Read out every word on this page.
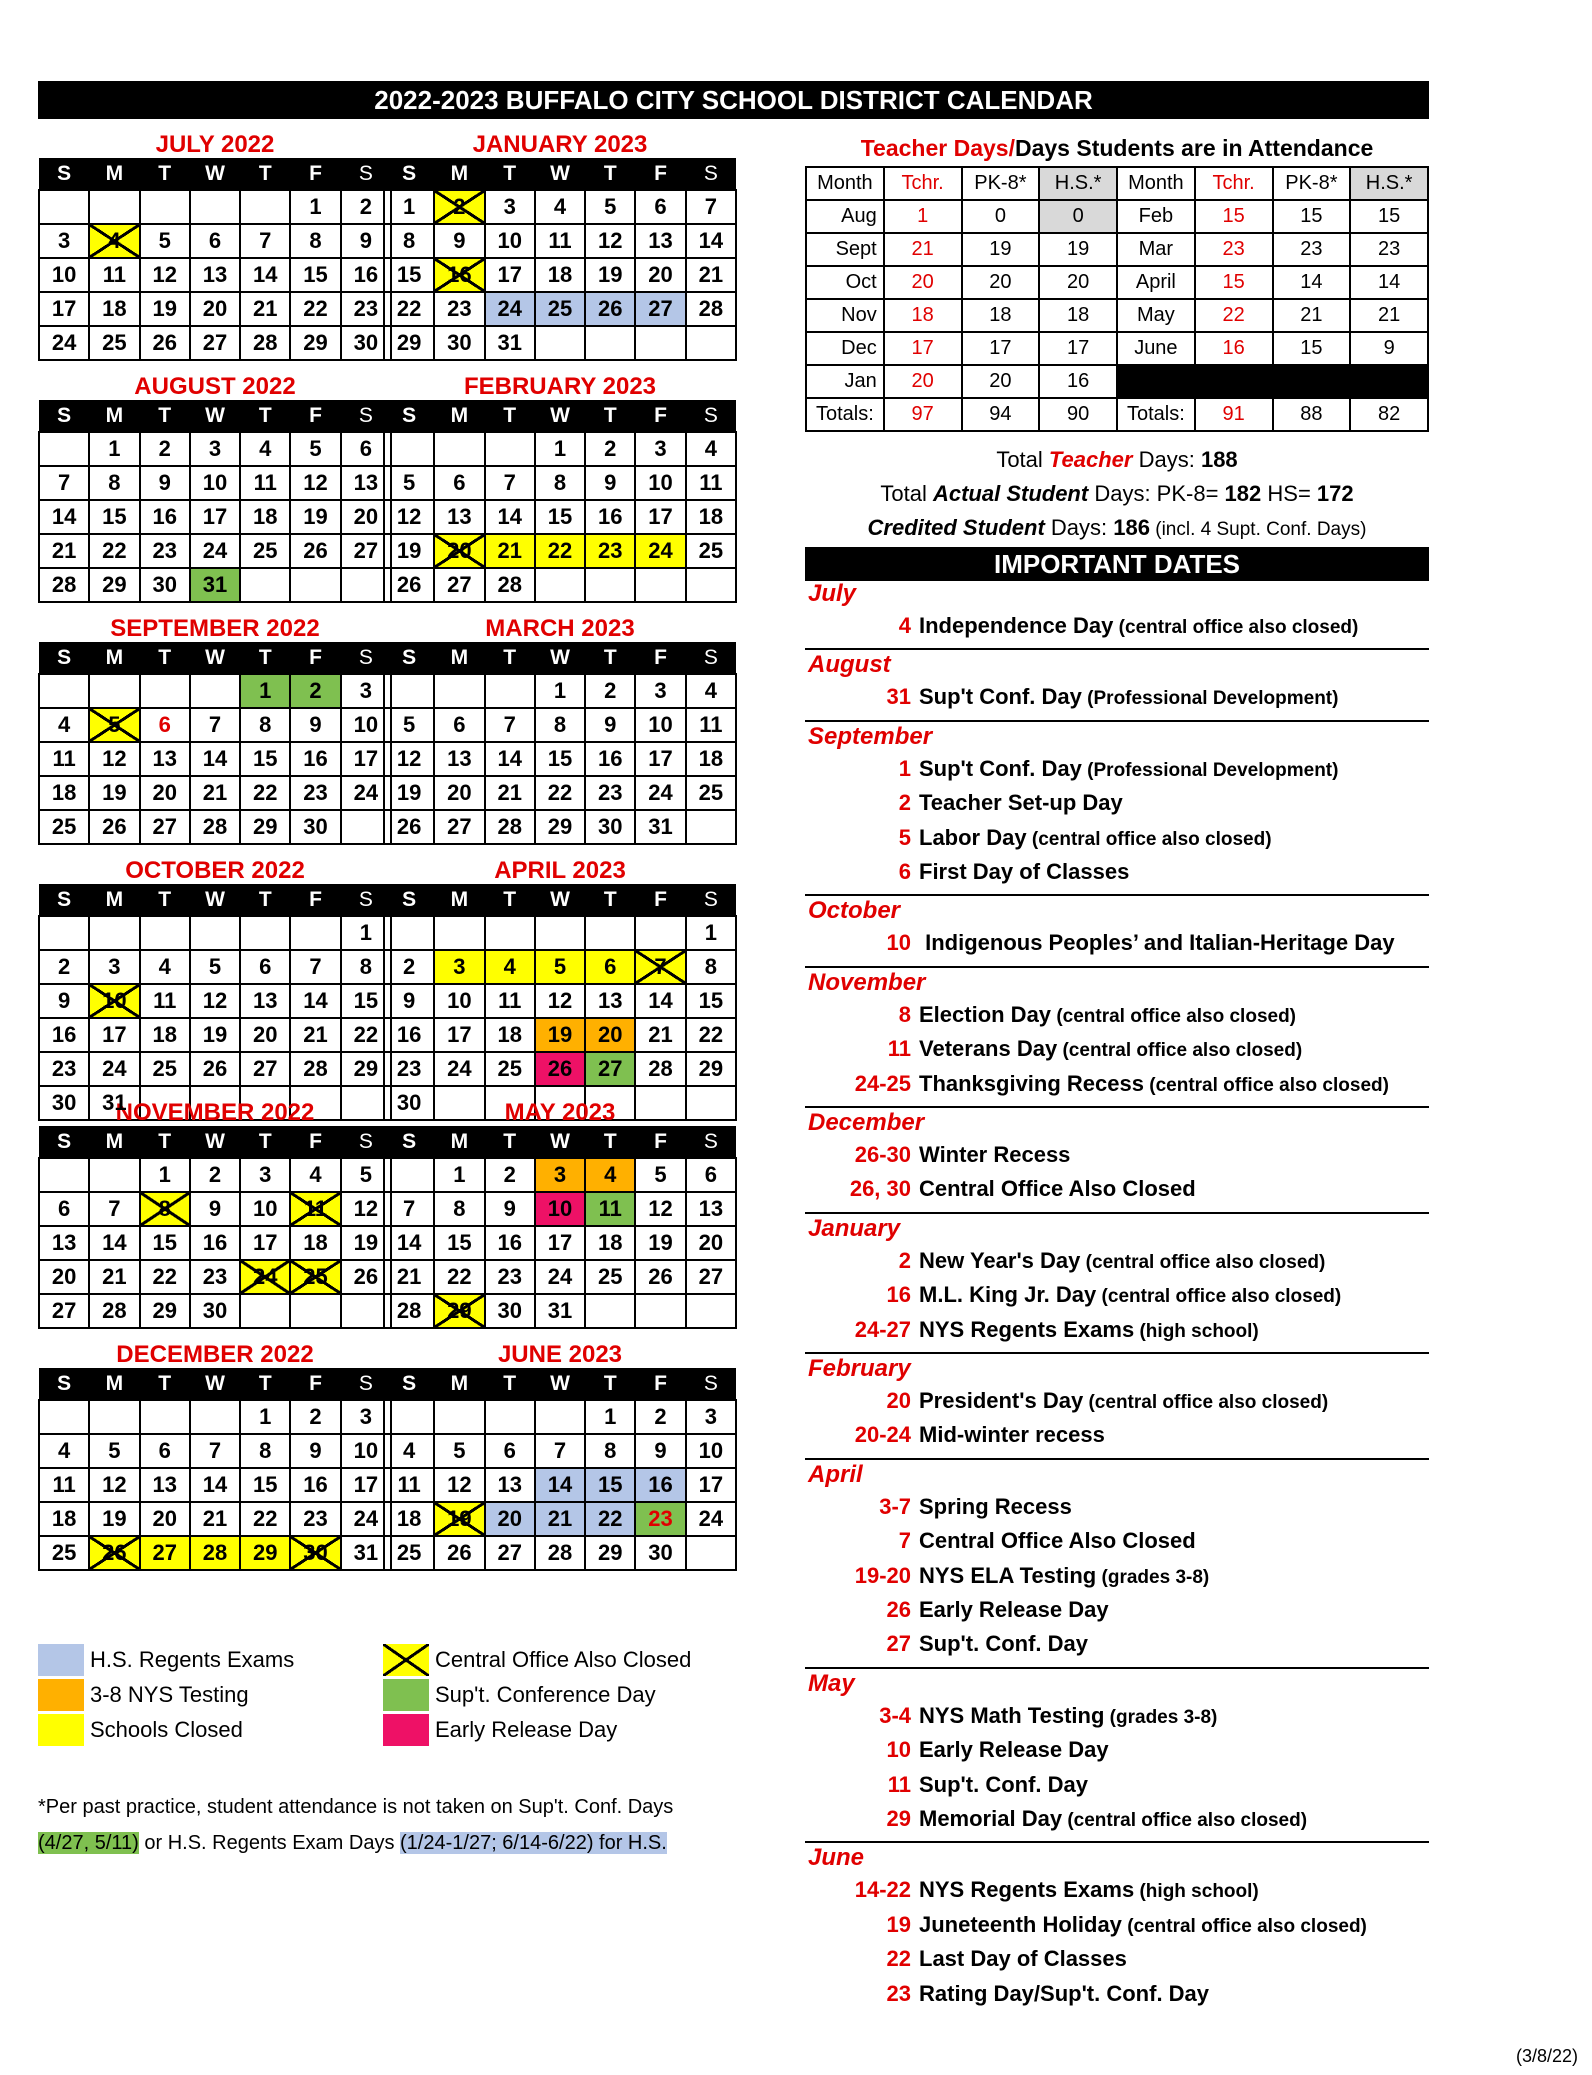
2022-2023 BUFFALO CITY SCHOOL DISTRICT CALENDAR
JULY 2022
S	M	T	W	T	F	S
					1	2
3	4	5	6	7	8	9
10	11	12	13	14	15	16
17	18	19	20	21	22	23
24	25	26	27	28	29	30
AUGUST 2022
S	M	T	W	T	F	S
	1	2	3	4	5	6
7	8	9	10	11	12	13
14	15	16	17	18	19	20
21	22	23	24	25	26	27
28	29	30	31			
SEPTEMBER 2022
S	M	T	W	T	F	S
				1	2	3
4	5	6	7	8	9	10
11	12	13	14	15	16	17
18	19	20	21	22	23	24
25	26	27	28	29	30	
OCTOBER 2022
S	M	T	W	T	F	S
						1
2	3	4	5	6	7	8
9	10	11	12	13	14	15
16	17	18	19	20	21	22
23	24	25	26	27	28	29
30	31					
NOVEMBER 2022
S	M	T	W	T	F	S
		1	2	3	4	5
6	7	8	9	10	11	12
13	14	15	16	17	18	19
20	21	22	23	24	25	26
27	28	29	30			
DECEMBER 2022
S	M	T	W	T	F	S
				1	2	3
4	5	6	7	8	9	10
11	12	13	14	15	16	17
18	19	20	21	22	23	24
25	26	27	28	29	30	31
JANUARY 2023
S	M	T	W	T	F	S
1	2	3	4	5	6	7
8	9	10	11	12	13	14
15	16	17	18	19	20	21
22	23	24	25	26	27	28
29	30	31				
FEBRUARY 2023
S	M	T	W	T	F	S
			1	2	3	4
5	6	7	8	9	10	11
12	13	14	15	16	17	18
19	20	21	22	23	24	25
26	27	28				
MARCH 2023
S	M	T	W	T	F	S
			1	2	3	4
5	6	7	8	9	10	11
12	13	14	15	16	17	18
19	20	21	22	23	24	25
26	27	28	29	30	31	
APRIL 2023
S	M	T	W	T	F	S
						1
2	3	4	5	6	7	8
9	10	11	12	13	14	15
16	17	18	19	20	21	22
23	24	25	26	27	28	29
30							MAY 2023
S	M	T	W	T	F	S
	1	2	3	4	5	6
7	8	9	10	11	12	13
14	15	16	17	18	19	20
21	22	23	24	25	26	27
28	29	30	31			
JUNE 2023
S	M	T	W	T	F	S
				1	2	3
4	5	6	7	8	9	10
11	12	13	14	15	16	17
18	19	20	21	22	23	24
25	26	27	28	29	30	
H.S. Regents Exams
3-8 NYS Testing
Schools Closed
Central Office Also Closed
Sup't. Conference Day
Early Release Day
*Per past practice, student attendance is not taken on Sup't. Conf. Days
(4/27, 5/11) or H.S. Regents Exam Days (1/24-1/27; 6/14-6/22) for H.S.
Teacher Days/Days Students are in Attendance
Month	Tchr.	PK-8*	H.S.*	Month	Tchr.	PK-8*	H.S.*
Aug	1	0	0	Feb	15	15	15
Sept	21	19	19	Mar	23	23	23
Oct	20	20	20	April	15	14	14
Nov	18	18	18	May	22	21	21
Dec	17	17	17	June	16	15	9
Jan	20	20	16				
Totals:	97	94	90	Totals:	91	88	82
Total Teacher Days: 188
Total Actual Student Days: PK-8= 182 HS= 172
Credited Student Days: 186 (incl. 4 Supt. Conf. Days)
IMPORTANT DATES
July
4 Independence Day (central office also closed)
August
31 Sup't Conf. Day (Professional Development)
September
1 Sup't Conf. Day (Professional Development)
2 Teacher Set-up Day
5 Labor Day (central office also closed)
6 First Day of Classes
October
10 Indigenous Peoples’ and Italian-Heritage Day
November
8 Election Day (central office also closed)
11 Veterans Day (central office also closed)
24-25 Thanksgiving Recess (central office also closed)
December
26-30 Winter Recess
26, 30 Central Office Also Closed
January
2 New Year's Day (central office also closed)
16 M.L. King Jr. Day (central office also closed)
24-27 NYS Regents Exams (high school)
February
20 President's Day (central office also closed)
20-24 Mid-winter recess
April
3-7 Spring Recess
7 Central Office Also Closed
19-20 NYS ELA Testing (grades 3-8)
26 Early Release Day
27 Sup't. Conf. Day
May
3-4 NYS Math Testing (grades 3-8)
10 Early Release Day
11 Sup't. Conf. Day
29 Memorial Day (central office also closed)
June
14-22 NYS Regents Exams (high school)
19 Juneteenth Holiday (central office also closed)
22 Last Day of Classes
23 Rating Day/Sup't. Conf. Day
(3/8/22)
